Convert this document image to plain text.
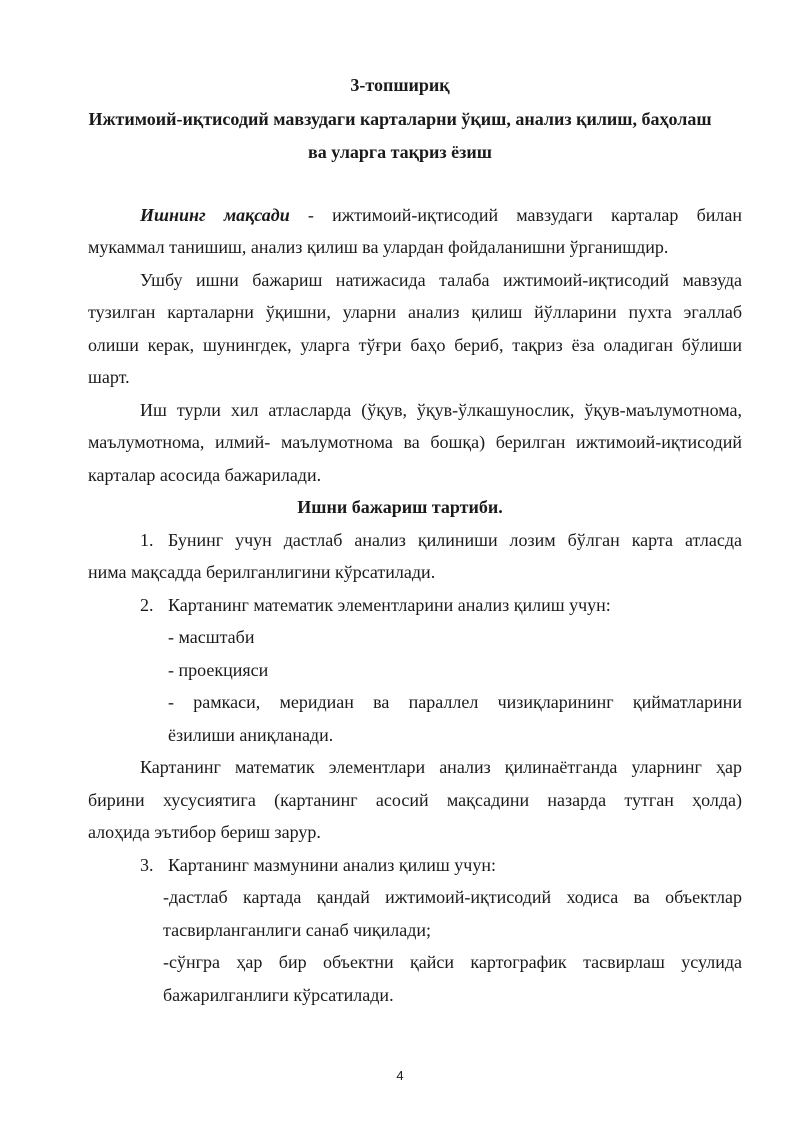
3-топшириқ
Ижтимоий-иқтисодий мавзудаги карталарни ўқиш, анализ қилиш, баҳолаш
ва уларга тақриз ёзиш
Ишнинг мақсади - ижтимоий-иқтисодий мавзудаги карталар билан
мукаммал танишиш, анализ қилиш ва улардан фойдаланишни ўрганишдир.
Ушбу ишни бажариш натижасида талаба ижтимоий-иқтисодий мавзуда
тузилган карталарни ўқишни, уларни анализ қилиш йўлларини пухта эгаллаб
олиши керак, шунингдек, уларга тўғри баҳо бериб, тақриз ёза оладиган бўлиши
шарт.
Иш турли хил атласларда (ўқув, ўқув-ўлкашунослик, ўқув-маълумотнома,
маълумотнома, илмий- маълумотнома ва бошқа) берилган ижтимоий-иқтисодий
карталар асосида бажарилади.
Ишни бажариш тартиби.
1. Бунинг учун дастлаб анализ қилиниши лозим бўлган карта атласда
нима мақсадда берилганлигини кўрсатилади.
2. Картанинг математик элементларини анализ қилиш учун:
- масштаби
- проекцияси
- рамкаси, меридиан ва параллел чизиқларининг қийматларини
ёзилиши аниқланади.
Картанинг математик элементлари анализ қилинаётганда уларнинг ҳар
бирини хусусиятига (картанинг асосий мақсадини назарда тутган ҳолда)
алоҳида эътибор бериш зарур.
3. Картанинг мазмунини анализ қилиш учун:
-дастлаб картада қандай ижтимоий-иқтисодий ходиса ва объектлар
тасвирланганлиги санаб чиқилади;
-сўнгра ҳар бир объектни қайси картографик тасвирлаш усулида
бажарилганлиги кўрсатилади.
4
